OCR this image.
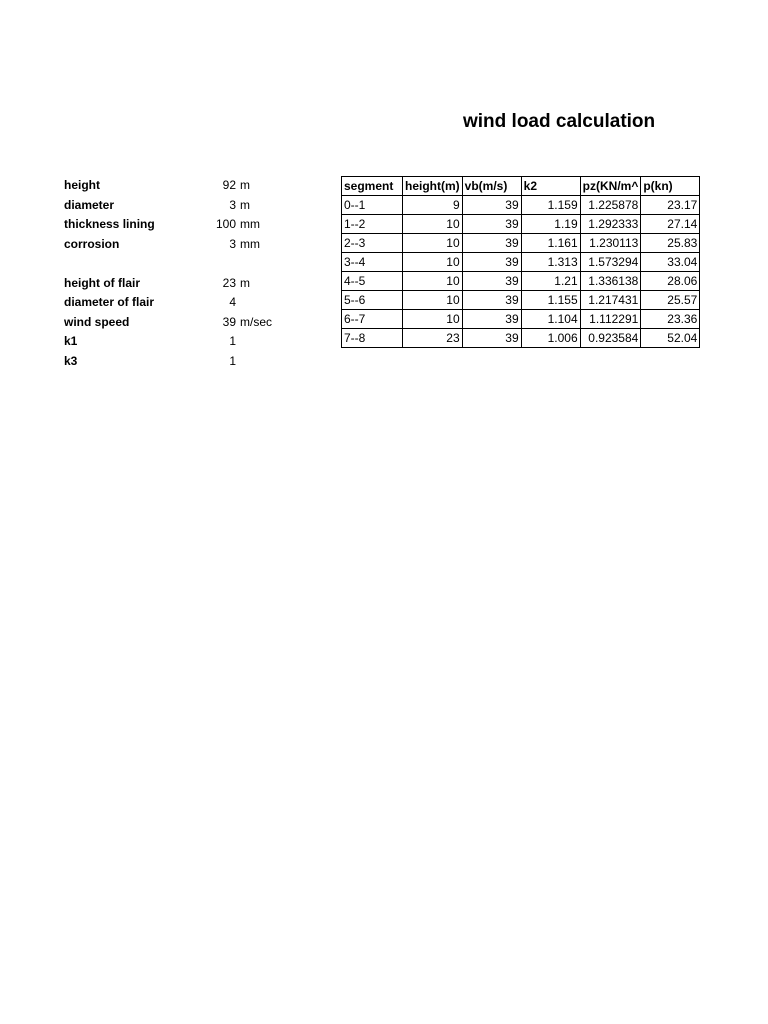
wind load calculation
height	92 m
diameter	3 m
thickness lining	100 mm
corrosion	3 mm
height of flair	23 m
diameter of flair	4
wind speed	39 m/sec
k1	1
k3	1
segment	height(m)	vb(m/s)	k2	pz(KN/m^	p(kn)
0--1	9	39	1.159	1.225878	23.17
1--2	10	39	1.19	1.292333	27.14
2--3	10	39	1.161	1.230113	25.83
3--4	10	39	1.313	1.573294	33.04
4--5	10	39	1.21	1.336138	28.06
5--6	10	39	1.155	1.217431	25.57
6--7	10	39	1.104	1.112291	23.36
7--8	23	39	1.006	0.923584	52.04
